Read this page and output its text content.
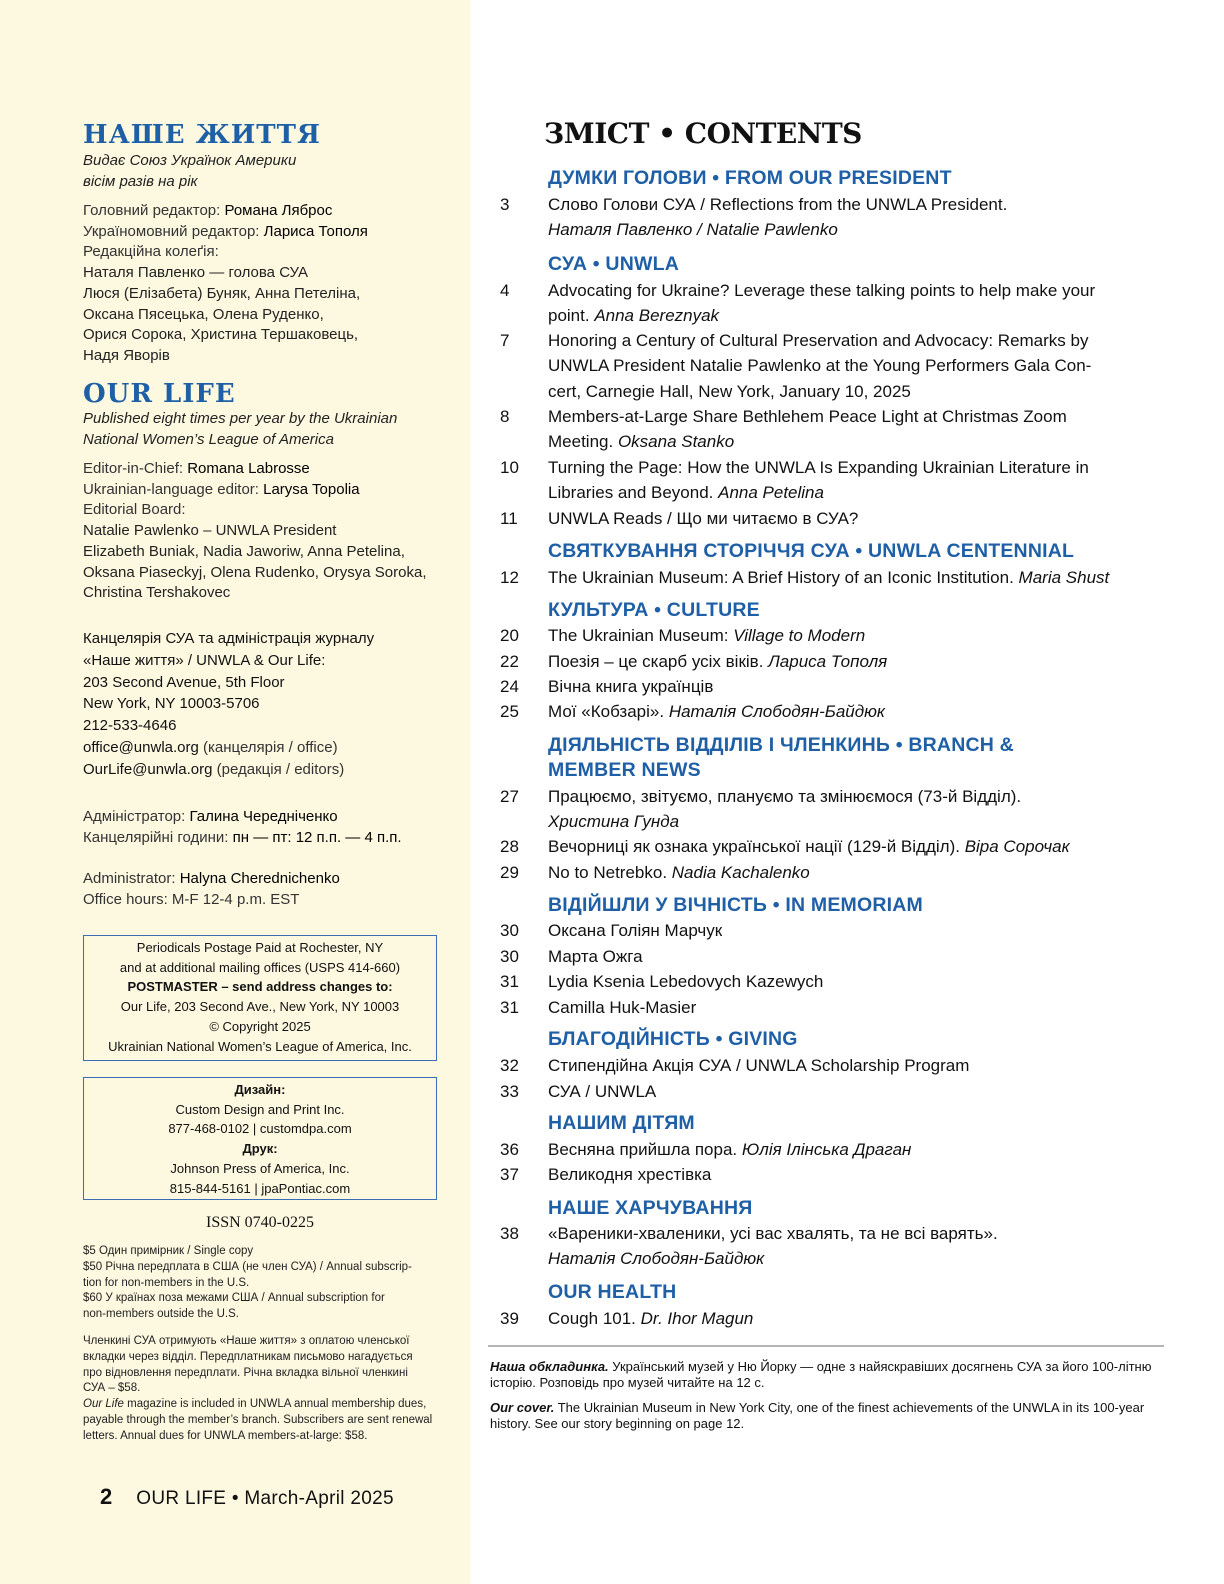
НАШЕ ЖИТТЯ
Видає Союз Українок Америки
вісім разів на рік
Головний редактор: Романа Ляброс
Україномовний редактор: Лариса Тополя
Редакційна колеґія:
Наталя Павленко — голова СУА
Люся (Елізабета) Буняк, Анна Петеліна,
Оксана Пясецька, Олена Руденко,
Орися Сорока, Христина Тершаковець,
Надя Яворів
OUR LIFE
Published eight times per year by the Ukrainian
National Women’s League of America
Editor-in-Chief: Romana Labrosse
Ukrainian-language editor: Larysa Topolia
Editorial Board:
Natalie Pawlenko – UNWLA President
Elizabeth Buniak, Nadia Jaworiw, Anna Petelina,
Oksana Piaseckyj, Olena Rudenko, Orysya Soroka,
Christina Tershakovec
Канцелярія СУА та адміністрація журналу
«Наше життя» / UNWLA & Our Life:
203 Second Avenue, 5th Floor
New York, NY 10003-5706
212-533-4646
office@unwla.org (канцелярія / office)
OurLife@unwla.org (редакція / editors)
Адміністратор: Галина Чередніченко
Канцелярійні години: пн — пт: 12 п.п. — 4 п.п.
Administrator: Halyna Cherednichenko
Office hours: M-F 12-4 p.m. EST
Periodicals Postage Paid at Rochester, NY
and at additional mailing offices (USPS 414-660)
POSTMASTER – send address changes to:
Our Life, 203 Second Ave., New York, NY 10003
© Copyright 2025
Ukrainian National Women’s League of America, Inc.
Дизайн:
Custom Design and Print Inc.
877-468-0102 | customdpa.com
Друк:
Johnson Press of America, Inc.
815-844-5161 | jpaPontiac.com
ISSN 0740-0225
$5 Один примірник / Single copy
$50 Річна передплата в США (не член СУА) / Annual subscrip-
tion for non-members in the U.S.
$60 У країнах поза межами США / Annual subscription for
non-members outside the U.S.
Членкині СУА отримують «Наше життя» з оплатою членської
вкладки через відділ. Передплатникам письмово нагадується
про відновлення передплати. Річна вкладка вільної членкині
СУА – $58.
Our Life magazine is included in UNWLA annual membership dues,
payable through the member’s branch. Subscribers are sent renewal
letters. Annual dues for UNWLA members-at-large: $58.
2 OUR LIFE • March-April 2025
ЗМІСТ • CONTENTS
ДУМКИ ГОЛОВИ • FROM OUR PRESIDENT
3	Слово Голови СУА / Reflections from the UNWLA President.
Наталя Павленко / Natalie Pawlenko
СУА • UNWLA
4	Advocating for Ukraine? Leverage these talking points to help make your
point. Anna Bereznyak
7	Honoring a Century of Cultural Preservation and Advocacy: Remarks by
UNWLA President Natalie Pawlenko at the Young Performers Gala Con-
cert, Carnegie Hall, New York, January 10, 2025
8	Members-at-Large Share Bethlehem Peace Light at Christmas Zoom
Meeting. Oksana Stanko
10	Turning the Page: How the UNWLA Is Expanding Ukrainian Literature in
Libraries and Beyond. Anna Petelina
11	UNWLA Reads / Що ми читаємо в СУА?
СВЯТКУВАННЯ СТОРІЧЧЯ СУА • UNWLA CENTENNIAL
12	The Ukrainian Museum: A Brief History of an Iconic Institution. Maria Shust
КУЛЬТУРА • CULTURE
20	The Ukrainian Museum: Village to Modern
22	Поезія – це скарб усіх віків. Лариса Тополя
24	Вічна книга українців
25	Мої «Кобзарі». Наталія Слободян-Байдюк
ДІЯЛЬНІСТЬ ВІДДІЛІВ І ЧЛЕНКИНЬ • BRANCH &
MEMBER NEWS
27	Працюємо, звітуємо, плануємо та змінюємося (73-й Відділ).
Христина Гунда
28	Вечорниці як ознака української нації (129-й Відділ). Віра Сорочак
29	No to Netrebko. Nadia Kachalenko
ВІДІЙШЛИ У ВІЧНІСТЬ • IN MEMORIAM
30	Оксана Голіян Марчук
30	Марта Ожга
31	Lydia Ksenia Lebedovych Kazewych
31	Camilla Huk-Masier
БЛАГОДІЙНІСТЬ • GIVING
32	Стипендійна Акція СУА / UNWLA Scholarship Program
33	СУА / UNWLA
НАШИМ ДІТЯМ
36	Весняна прийшла пора. Юлія Ілінська Драган
37	Великодня хрестівка
НАШЕ ХАРЧУВАННЯ
38	«Вареники-хваленики, усі вас хвалять, та не всі варять».
Наталія Слободян-Байдюк
OUR HEALTH
39	Cough 101. Dr. Ihor Magun
Наша обкладинка. Український музей у Ню Йорку — одне з найяскравіших досягнень СУА за його 100-літню історію. Розповідь про музей читайте на 12 с.
Our cover. The Ukrainian Museum in New York City, one of the finest achievements of the UNWLA in its 100-year history. See our story beginning on page 12.
